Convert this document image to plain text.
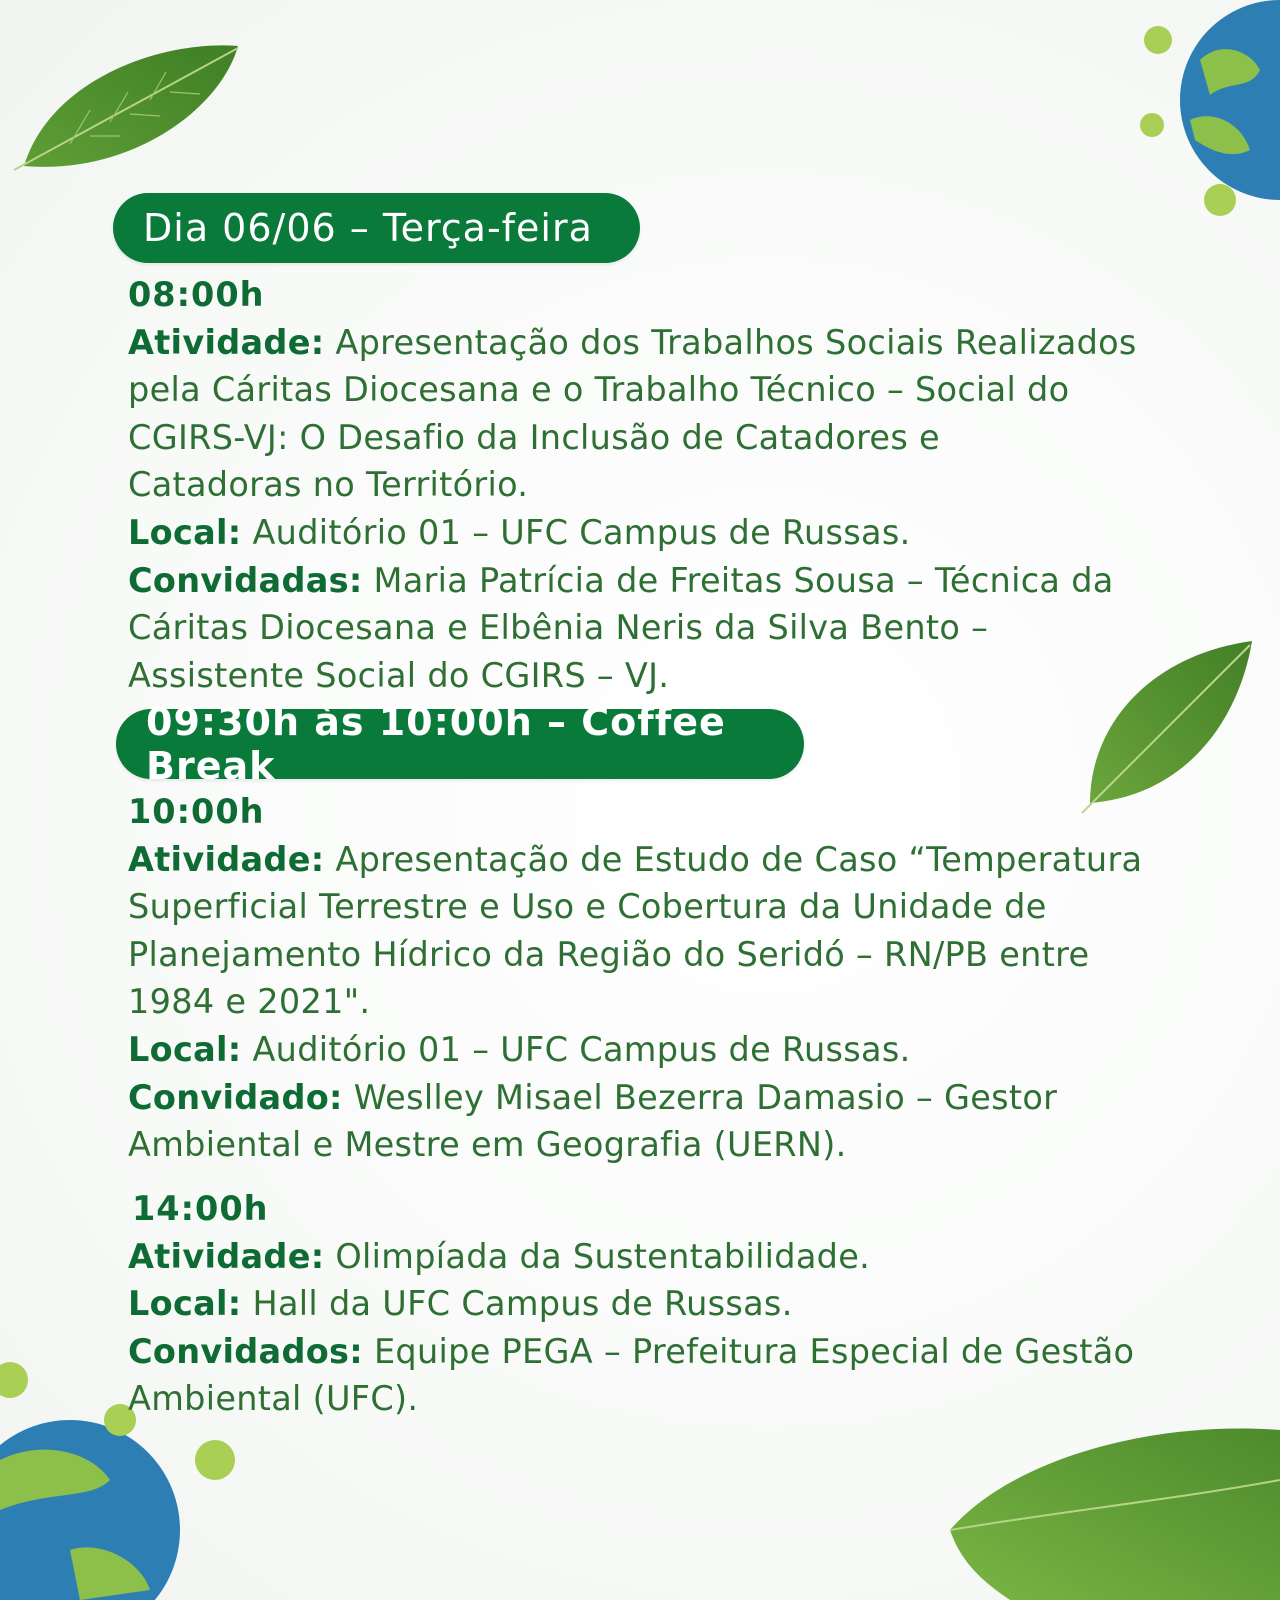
Dia 06/06 – Terça-feira
08:00h
Atividade: Apresentação dos Trabalhos Sociais Realizados
pela Cáritas Diocesana e o Trabalho Técnico – Social do
CGIRS-VJ: O Desafio da Inclusão de Catadores e
Catadoras no Território.
Local: Auditório 01 – UFC Campus de Russas.
Convidadas: Maria Patrícia de Freitas Sousa – Técnica da
Cáritas Diocesana e Elbênia Neris da Silva Bento –
Assistente Social do CGIRS – VJ.
09:30h às 10:00h – Coffee Break
10:00h
Atividade: Apresentação de Estudo de Caso “Temperatura
Superficial Terrestre e Uso e Cobertura da Unidade de
Planejamento Hídrico da Região do Seridó – RN/PB entre
1984 e 2021".
Local: Auditório 01 – UFC Campus de Russas.
Convidado: Weslley Misael Bezerra Damasio – Gestor
Ambiental e Mestre em Geografia (UERN).
14:00h
Atividade: Olimpíada da Sustentabilidade.
Local: Hall da UFC Campus de Russas.
Convidados: Equipe PEGA – Prefeitura Especial de Gestão
Ambiental (UFC).
